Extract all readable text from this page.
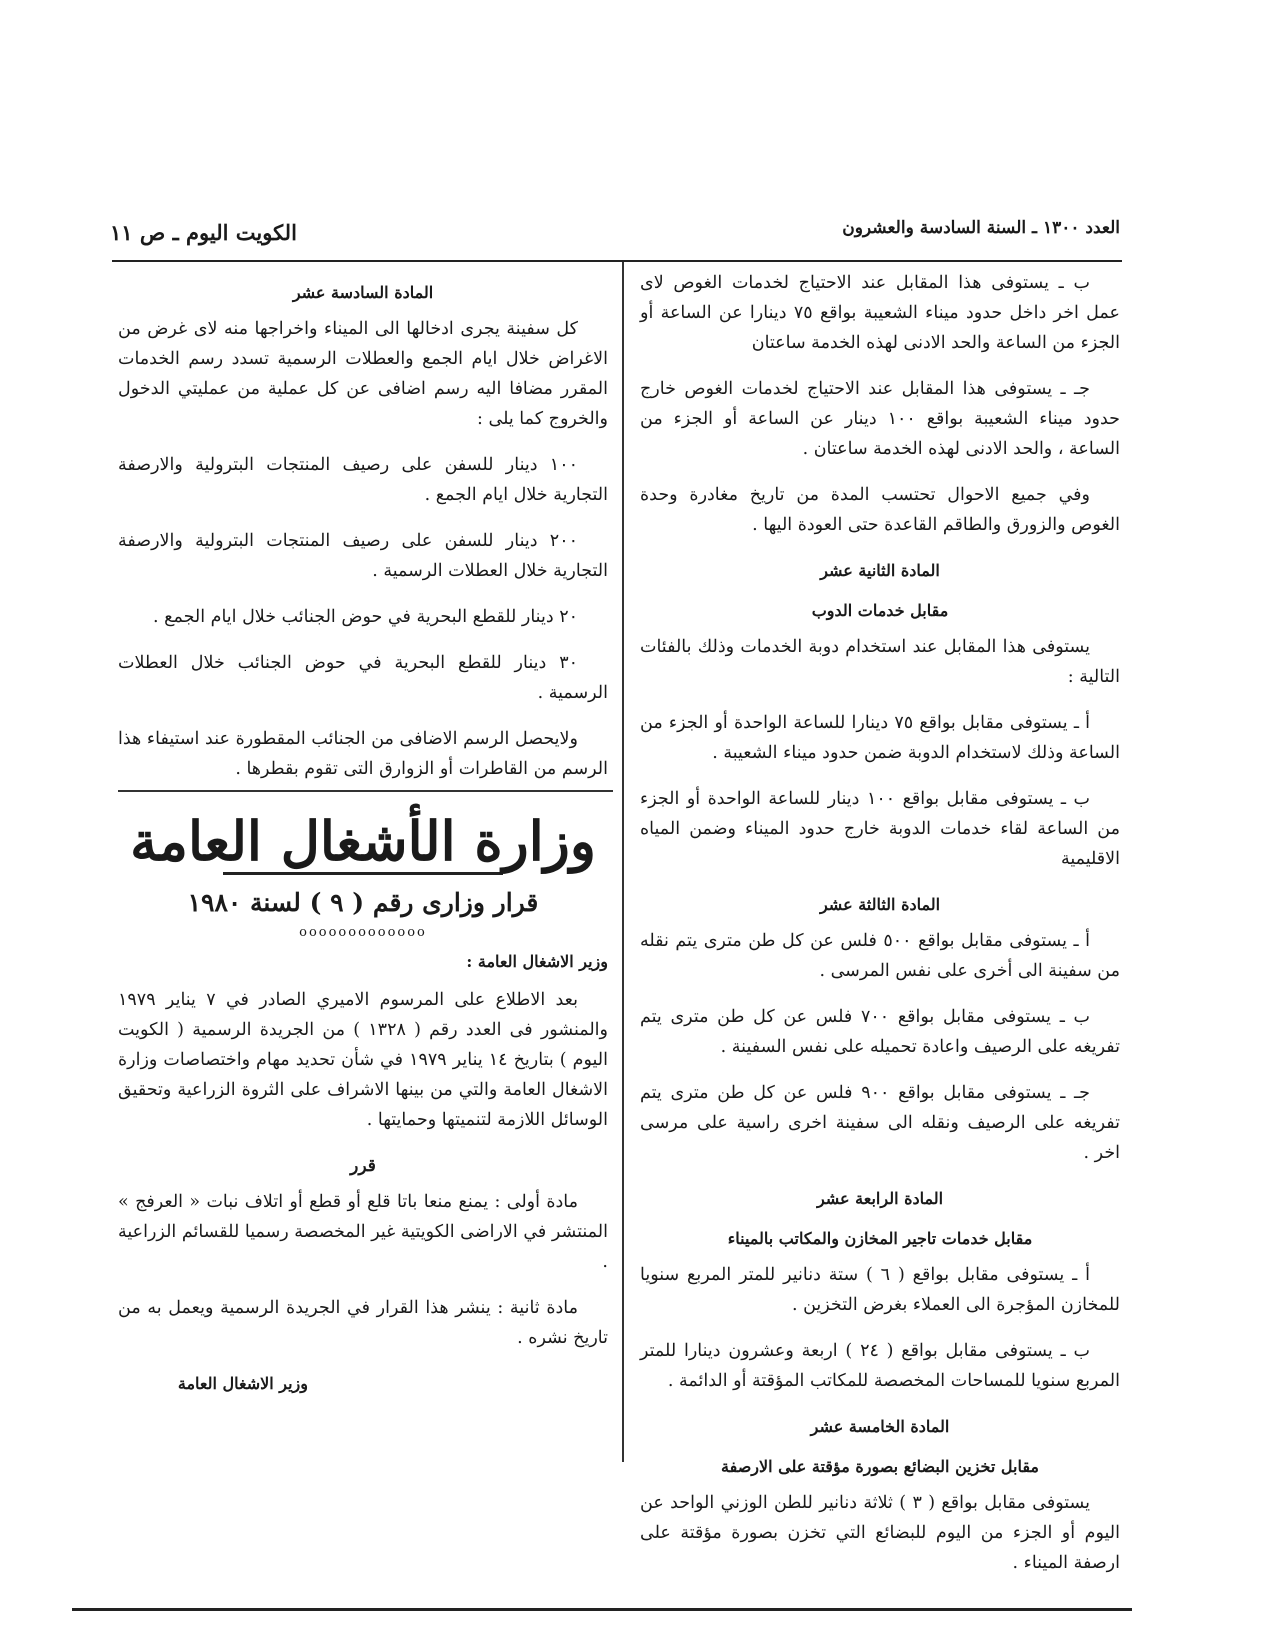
العدد ١٣٠٠ ـ السنة السادسة والعشرون
الكويت اليوم ـ ص ١١

ب ـ يستوفى هذا المقابل عند الاحتياج لخدمات الغوص لاى عمل اخر داخل حدود ميناء الشعيبة بواقع ٧٥ دينارا عن الساعة أو الجزء من الساعة والحد الادنى لهذه الخدمة ساعتان

جـ ـ يستوفى هذا المقابل عند الاحتياج لخدمات الغوص خارج حدود ميناء الشعيبة بواقع ١٠٠ دينار عن الساعة أو الجزء من الساعة ، والحد الادنى لهذه الخدمة ساعتان .

وفي جميع الاحوال تحتسب المدة من تاريخ مغادرة وحدة الغوص والزورق والطاقم القاعدة حتى العودة اليها .

المادة الثانية عشر
مقابل خدمات الدوب

يستوفى هذا المقابل عند استخدام دوبة الخدمات وذلك بالفئات التالية :

أ ـ يستوفى مقابل بواقع ٧٥ دينارا للساعة الواحدة أو الجزء من الساعة وذلك لاستخدام الدوبة ضمن حدود ميناء الشعيبة .

ب ـ يستوفى مقابل بواقع ١٠٠ دينار للساعة الواحدة أو الجزء من الساعة لقاء خدمات الدوبة خارج حدود الميناء وضمن المياه الاقليمية

المادة الثالثة عشر

أ ـ يستوفى مقابل بواقع ٥٠٠ فلس عن كل طن مترى يتم نقله من سفينة الى أخرى على نفس المرسى .

ب ـ يستوفى مقابل بواقع ٧٠٠ فلس عن كل طن مترى يتم تفريغه على الرصيف واعادة تحميله على نفس السفينة .

جـ ـ يستوفى مقابل بواقع ٩٠٠ فلس عن كل طن مترى يتم تفريغه على الرصيف ونقله الى سفينة اخرى راسية على مرسى اخر .

المادة الرابعة عشر
مقابل خدمات تاجير المخازن والمكاتب بالميناء

أ ـ يستوفى مقابل بواقع ( ٦ ) ستة دنانير للمتر المربع سنويا للمخازن المؤجرة الى العملاء بغرض التخزين .

ب ـ يستوفى مقابل بواقع ( ٢٤ ) اربعة وعشرون دينارا للمتر المربع سنويا للمساحات المخصصة للمكاتب المؤقتة أو الدائمة .

المادة الخامسة عشر
مقابل تخزين البضائع بصورة مؤقتة على الارصفة

يستوفى مقابل بواقع ( ٣ ) ثلاثة دنانير للطن الوزني الواحد عن اليوم أو الجزء من اليوم للبضائع التي تخزن بصورة مؤقتة على ارصفة الميناء .

المادة السادسة عشر

كل سفينة يجرى ادخالها الى الميناء واخراجها منه لاى غرض من الاغراض خلال ايام الجمع والعطلات الرسمية تسدد رسم الخدمات المقرر مضافا اليه رسم اضافى عن كل عملية من عمليتي الدخول والخروج كما يلى :

١٠٠ دينار للسفن على رصيف المنتجات البترولية والارصفة التجارية خلال ايام الجمع .

٢٠٠ دينار للسفن على رصيف المنتجات البترولية والارصفة التجارية خلال العطلات الرسمية .

٢٠ دينار للقطع البحرية في حوض الجنائب خلال ايام الجمع .

٣٠ دينار للقطع البحرية في حوض الجنائب خلال العطلات الرسمية .

ولايحصل الرسم الاضافى من الجنائب المقطورة عند استيفاء هذا الرسم من القاطرات أو الزوارق التى تقوم بقطرها .

وزارة الأشغال العامة
قرار وزارى رقم ( ٩ ) لسنة ١٩٨٠
ooooooooooooo
وزير الاشغال العامة :

بعد الاطلاع على المرسوم الاميري الصادر في ٧ يناير ١٩٧٩ والمنشور فى العدد رقم ( ١٣٢٨ ) من الجريدة الرسمية ( الكويت اليوم ) بتاريخ ١٤ يناير ١٩٧٩ في شأن تحديد مهام واختصاصات وزارة الاشغال العامة والتي من بينها الاشراف على الثروة الزراعية وتحقيق الوسائل اللازمة لتنميتها وحمايتها .

قرر

مادة أولى : يمنع منعا باتا قلع أو قطع أو اتلاف نبات « العرفج » المنتشر في الاراضى الكويتية غير المخصصة رسميا للقسائم الزراعية .

مادة ثانية : ينشر هذا القرار في الجريدة الرسمية ويعمل به من تاريخ نشره .

وزير الاشغال العامة
